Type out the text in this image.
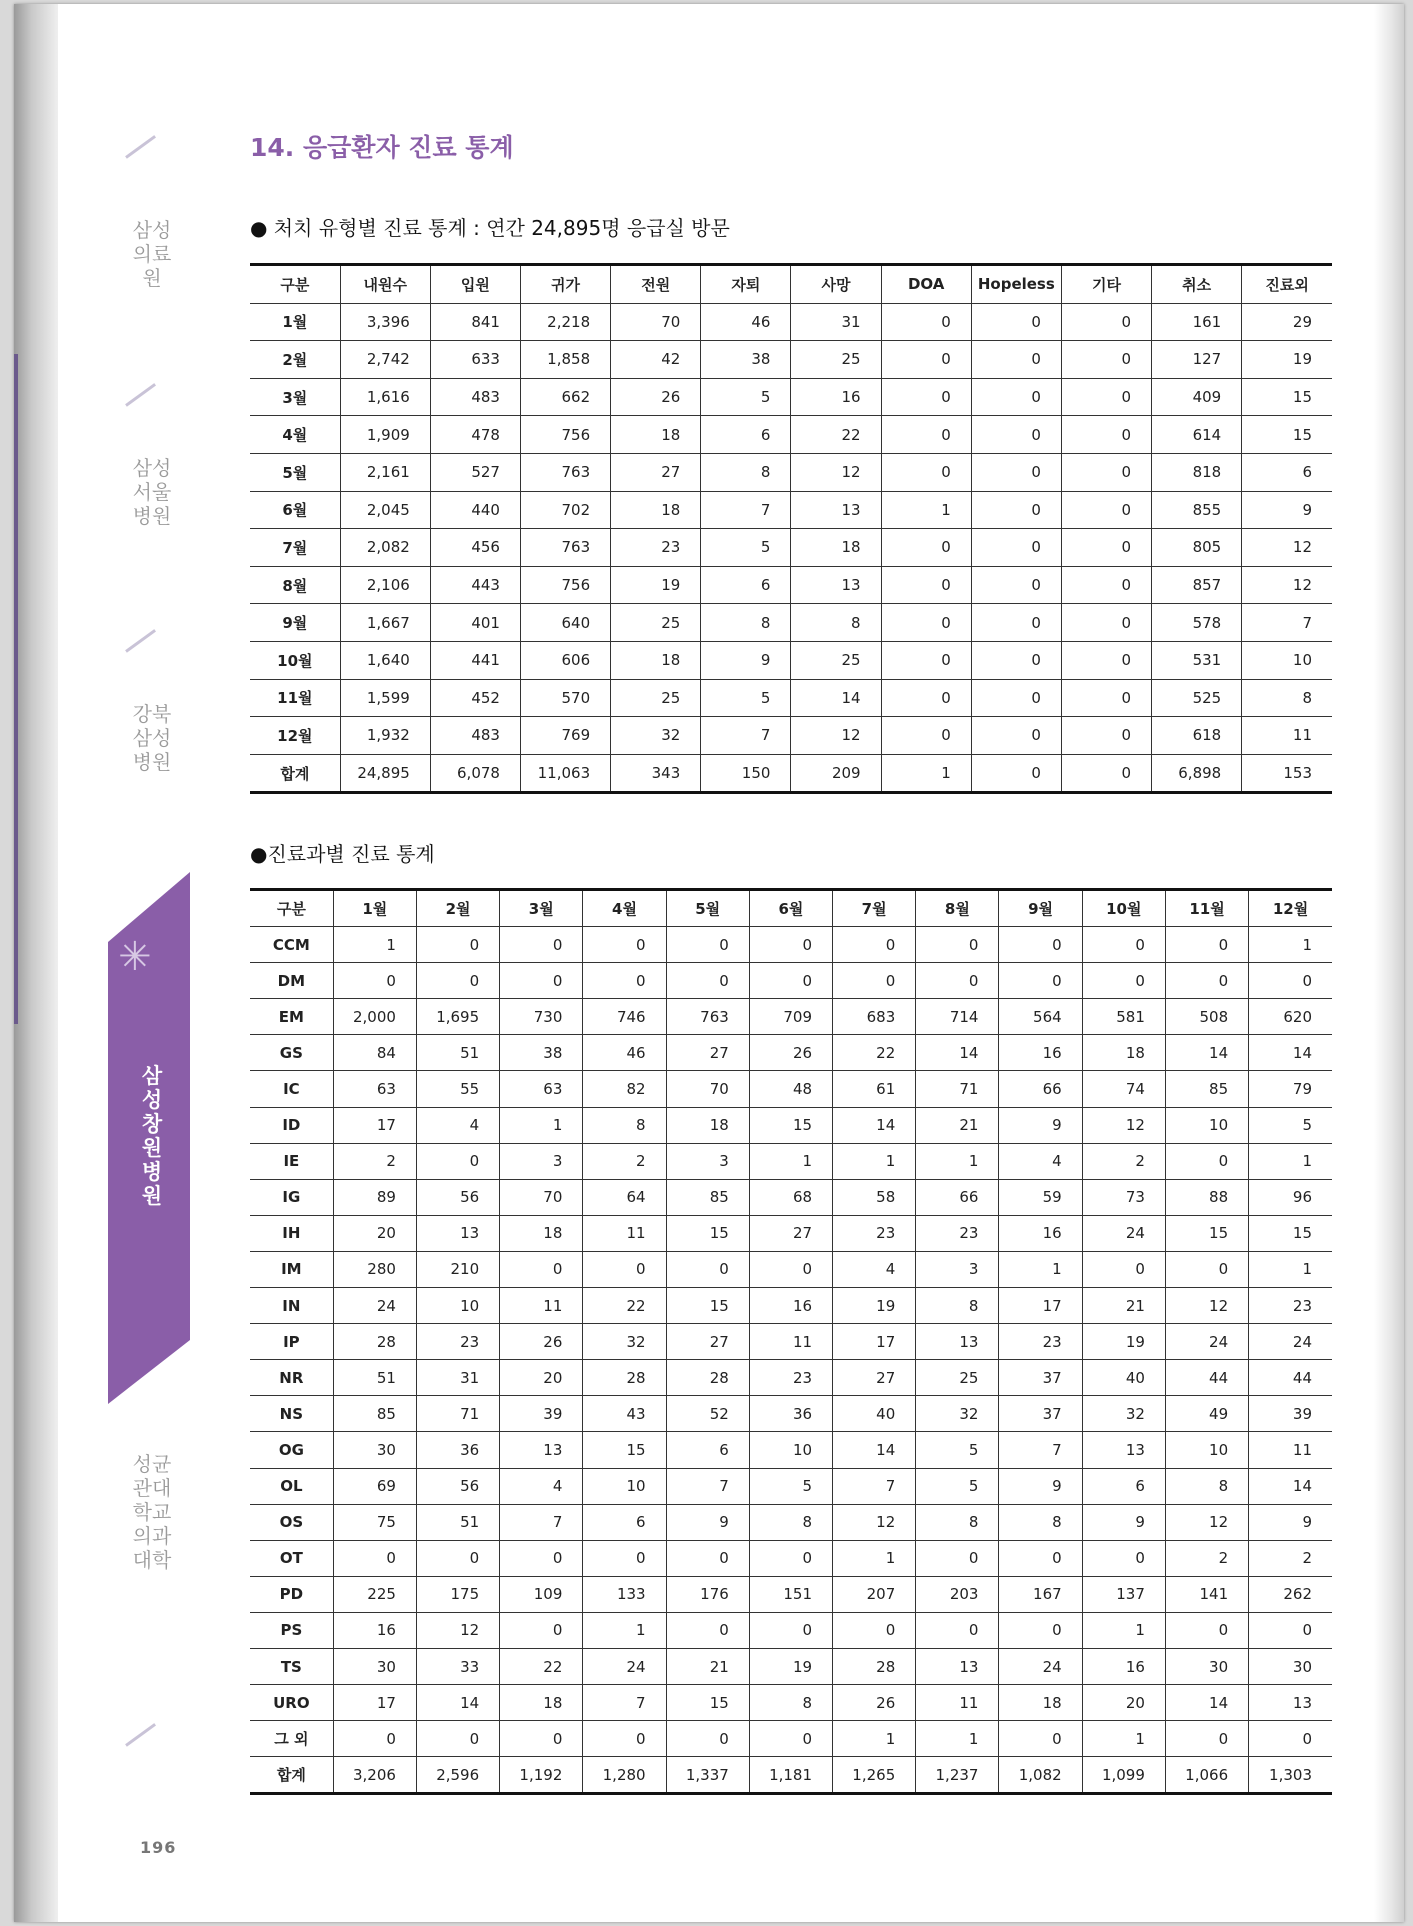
삼성의료원
삼성서울병원
강북삼성병원
✳
삼성창원병원
성균관대학교 의과대학
14. 응급환자 진료 통계
● 처치 유형별 진료 통계 : 연간 24,895명 응급실 방문
구분	내원수	입원	귀가	전원	자퇴	사망	DOA	Hopeless	기타	취소	진료외
1월	3,396	841	2,218	70	46	31	0	0	0	161	29
2월	2,742	633	1,858	42	38	25	0	0	0	127	19
3월	1,616	483	662	26	5	16	0	0	0	409	15
4월	1,909	478	756	18	6	22	0	0	0	614	15
5월	2,161	527	763	27	8	12	0	0	0	818	6
6월	2,045	440	702	18	7	13	1	0	0	855	9
7월	2,082	456	763	23	5	18	0	0	0	805	12
8월	2,106	443	756	19	6	13	0	0	0	857	12
9월	1,667	401	640	25	8	8	0	0	0	578	7
10월	1,640	441	606	18	9	25	0	0	0	531	10
11월	1,599	452	570	25	5	14	0	0	0	525	8
12월	1,932	483	769	32	7	12	0	0	0	618	11
합계	24,895	6,078	11,063	343	150	209	1	0	0	6,898	153
●진료과별 진료 통계
구분	1월	2월	3월	4월	5월	6월	7월	8월	9월	10월	11월	12월
CCM	1	0	0	0	0	0	0	0	0	0	0	1
DM	0	0	0	0	0	0	0	0	0	0	0	0
EM	2,000	1,695	730	746	763	709	683	714	564	581	508	620
GS	84	51	38	46	27	26	22	14	16	18	14	14
IC	63	55	63	82	70	48	61	71	66	74	85	79
ID	17	4	1	8	18	15	14	21	9	12	10	5
IE	2	0	3	2	3	1	1	1	4	2	0	1
IG	89	56	70	64	85	68	58	66	59	73	88	96
IH	20	13	18	11	15	27	23	23	16	24	15	15
IM	280	210	0	0	0	0	4	3	1	0	0	1
IN	24	10	11	22	15	16	19	8	17	21	12	23
IP	28	23	26	32	27	11	17	13	23	19	24	24
NR	51	31	20	28	28	23	27	25	37	40	44	44
NS	85	71	39	43	52	36	40	32	37	32	49	39
OG	30	36	13	15	6	10	14	5	7	13	10	11
OL	69	56	4	10	7	5	7	5	9	6	8	14
OS	75	51	7	6	9	8	12	8	8	9	12	9
OT	0	0	0	0	0	0	1	0	0	0	2	2
PD	225	175	109	133	176	151	207	203	167	137	141	262
PS	16	12	0	1	0	0	0	0	0	1	0	0
TS	30	33	22	24	21	19	28	13	24	16	30	30
URO	17	14	18	7	15	8	26	11	18	20	14	13
그 외	0	0	0	0	0	0	1	1	0	1	0	0
합계	3,206	2,596	1,192	1,280	1,337	1,181	1,265	1,237	1,082	1,099	1,066	1,303
196
